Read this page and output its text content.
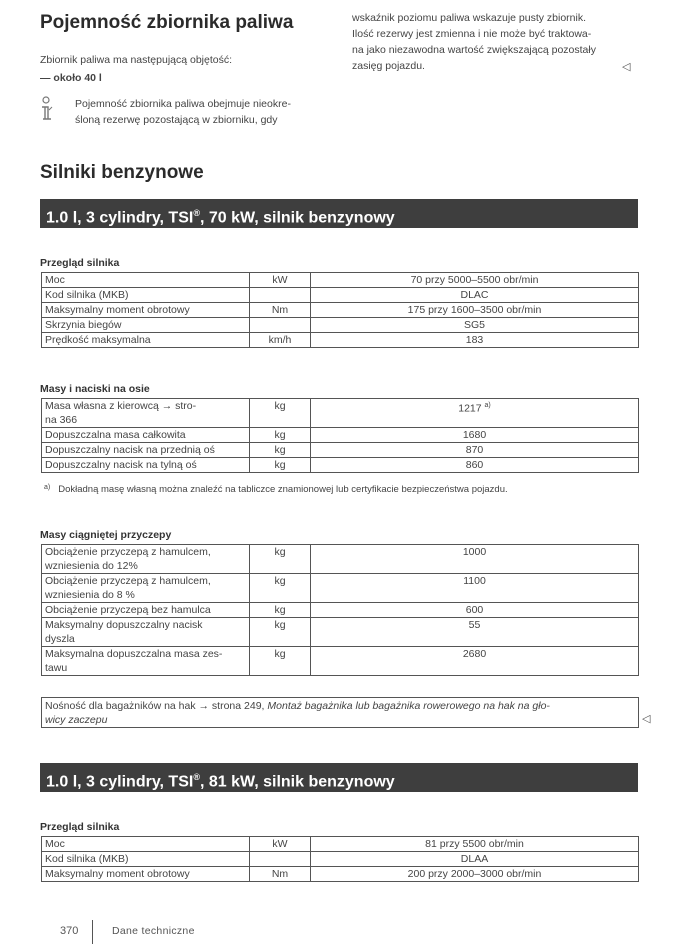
Pojemność zbiornika paliwa
Zbiornik paliwa ma następującą objętość:
— około 40 l
Pojemność zbiornika paliwa obejmuje nieokre-
śloną rezerwę pozostającą w zbiorniku, gdy
wskaźnik poziomu paliwa wskazuje pusty zbiornik.
Ilość rezerwy jest zmienna i nie może być traktowa-
na jako niezawodna wartość zwiększającą pozostały
zasięg pojazdu.	◁
Silniki benzynowe
1.0 l, 3 cylindry, TSI®, 70 kW, silnik benzynowy
Przegląd silnika
Moc	kW	70 przy 5000–5500 obr/min
Kod silnika (MKB)		DLAC
Maksymalny moment obrotowy	Nm	175 przy 1600–3500 obr/min
Skrzynia biegów		SG5
Prędkość maksymalna	km/h	183
Masy i naciski na osie
Masa własna z kierowcą → stro-
na 366	kg	1217 $^{a)}$
Dopuszczalna masa całkowita	kg	1680
Dopuszczalny nacisk na przednią oś	kg	870
Dopuszczalny nacisk na tylną oś	kg	860
$^{a)}$ Dokładną masę własną można znaleźć na tabliczce znamionowej lub certyfikacie bezpieczeństwa pojazdu.
Masy ciągniętej przyczepy
Obciążenie przyczepą z hamulcem,
wzniesienia do 12%	kg	1000

Obciążenie przyczepą z hamulcem,
wzniesienia do 8 %	kg	1100
Obciążenie przyczepą bez hamulca	kg	600

Maksymalny dopuszczalny nacisk
dyszla	kg	55

Maksymalna dopuszczalna masa zes-
tawu	kg	2680
Nośność dla bagażników na hak → strona 249, Montaż bagażnika lub bagażnika rowerowego na hak na gło-
wicy zaczepu	◁
1.0 l, 3 cylindry, TSI®, 81 kW, silnik benzynowy
Przegląd silnika
Moc	kW	81 przy 5500 obr/min
Kod silnika (MKB)		DLAA
Maksymalny moment obrotowy	Nm	200 przy 2000–3000 obr/min
370	Dane techniczne
